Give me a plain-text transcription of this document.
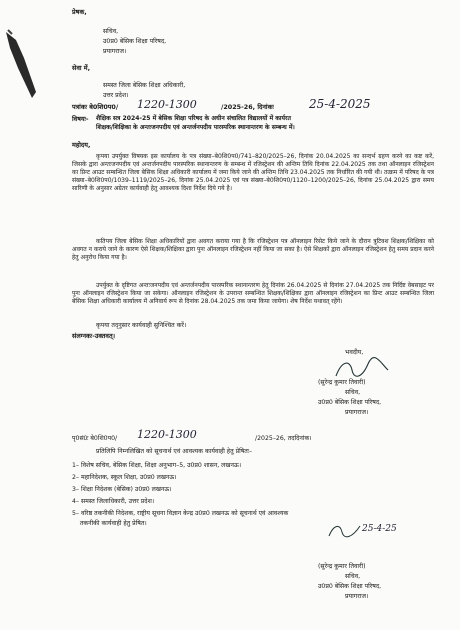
प्रेषक,
सचिव,
उ0प्र0 बेसिक शिक्षा परिषद,
प्रयागराज।
सेवा में,
समस्त जिला बेसिक शिक्षा अधिकारी,
उत्तर प्रदेश।
पत्रांकः बे0शि0प0/ 1220-1300	/2025-26, दिनांकः	25-4-2025
विषयः- शैक्षिक सत्र 2024-25 में बेसिक शिक्षा परिषद के अधीन संचालित विद्यालयों में कार्यरत
शिक्षक/शिक्षिका के अन्तःजनपदीय एवं अन्तर्जनपदीय पारस्परिक स्थानान्तरण के सम्बन्ध में।
महोदय,
कृपया उपर्युक्त विषयक इस कार्यालय के पत्र संख्या–बे0शि0प0/741–820/2025–26, दिनांक 20.04.2025 का सन्दर्भ ग्रहण करने का कष्ट करें, जिसके द्वारा अन्तःजनपदीय एवं अन्तर्जनपदीय पारस्परिक स्थानान्तरण के सम्बन्ध में रजिस्ट्रेशन की अन्तिम तिथि दिनांक 22.04.2025 तक तथा ऑनलाइन रजिस्ट्रेशन का प्रिन्ट आउट सम्बन्धित जिला बेसिक शिक्षा अधिकारी कार्यालय में जमा किये जाने की अन्तिम तिथि 23.04.2025 तक निर्धारित की गयी थी। तत्क्रम में परिषद के पत्र संख्या–बे0शि0प0/1039–1119/2025–26, दिनांक 25.04.2025 एवं पत्र संख्या–बे0शि0प0/1120–1200/2025–26, दिनांक 25.04.2025 द्वारा समय सारिणी के अनुसार अग्रेतर कार्यवाही हेतु आवश्यक दिशा निर्देश दिये गये है।
कतिपय जिला बेसिक शिक्षा अधिकारियों द्वारा अवगत कराया गया है कि रजिस्ट्रेशन पत्र ऑनलाइन रिसेट किये जाने के दौरान त्रुटिवश शिक्षक/शिक्षिका को अवगत न कराये जाने के कारण ऐसे शिक्षक/शिक्षिका द्वारा पुनः ऑनलाइन रजिस्ट्रेशन नहीं किया जा सका है। ऐसे शिक्षकों द्वारा ऑनलाइन रजिस्ट्रेशन हेतु समय प्रदान करने हेतु अनुरोध किया गया है।
उपर्युक्त के दृष्टिगत अन्तःजनपदीय एवं अन्तर्जनपदीय पारस्परिक स्थानान्तरण हेतु दिनांक 26.04.2025 से दिनांक 27.04.2025 तक निर्दिष्ट वेबसाइट पर पुनः ऑनलाइन रजिस्ट्रेशन किया जा सकेगा। ऑनलाइन रजिस्ट्रेशन के उपरान्त सम्बन्धित शिक्षक/शिक्षिका द्वारा ऑनलाइन रजिस्ट्रेशन का प्रिन्ट आउट सम्बन्धित जिला बेसिक शिक्षा अधिकारी कार्यालय में अनिवार्य रूप से दिनांक 28.04.2025 तक जमा किया जायेगा। शेष निर्देश यथावत् रहेंगे।
कृपया तद्नुसार कार्यवाही सुनिश्चित करें।
संलग्नकः-उक्तवत्।
भवदीय,
(सुरेन्द्र कुमार तिवारी)
सचिव,
उ0प्र0 बेसिक शिक्षा परिषद,
प्रयागराज।
पृ0सं0ः बे0शि0प0/ 1220-1300	/2025–26, तददिनांक।
प्रतिलिपि निम्नलिखित को सूचनार्थ एवं आवश्यक कार्यवाही हेतु प्रेषितः–
1– विशेष सचिव, बेसिक शिक्षा, शिक्षा अनुभाग–5, उ0प्र0 शासन, लखनऊ।
2– महानिदेशक, स्कूल शिक्षा, उ0प्र0 लखनऊ।
3– शिक्षा निदेशक (बेसिक) उ0प्र0 लखनऊ।
4– समस्त जिलाधिकारी, उत्तर प्रदेश।
5– वरिष्ठ तकनीकी निदेशक, राष्ट्रीय सूचना विज्ञान केन्द्र उ0प्र0 लखनऊ को सूचनार्थ एवं आवश्यक
तकनीकी कार्यवाही हेतु प्रेषित।
25-4-25
(सुरेन्द्र कुमार तिवारी)
सचिव,
उ0प्र0 बेसिक शिक्षा परिषद,
प्रयागराज।
